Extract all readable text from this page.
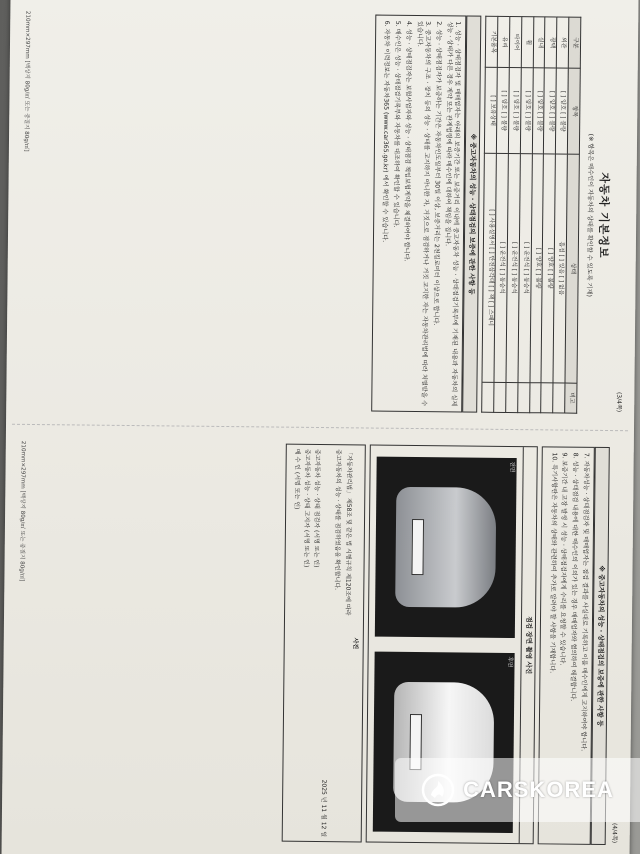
(3/4쪽)
자동차 기본정보
(※ 항목은 매수인이 자동차의 상태를 확인할 수 있도록 기재)
구분	항목	상태	비고
외관	[ ] 양호 [ ] 불량	흠집 [ ] 있음 [ ] 없음	
광택	[ ] 양호 [ ] 불량	[ ] 양호 [ ] 불량	
실내	[ ] 양호 [ ] 불량	[ ] 양호 [ ] 불량	
휠	[ ] 양호 [ ] 불량	[ ] 운전석 [ ] 동승석	
타이어	[ ] 양호 [ ] 불량	[ ] 운전석 [ ] 동승석	
유리	[ ] 양호 [ ] 불량	[ ] 운전석 [ ] 동승석	
기본품목	[ ] 보유상태	[ ] 사용설명서 [ ] 안전삼각대 [ ] 잭 [ ] 스패너	
※ 중고자동차의 성능 · 상태점검의 보증에 관한 사항 등

1. 성능 · 상태점검자 및 매매업자는 아래의 보증기간 또는 보증거리 이내에 중고자동차 성능 · 상태점검기록부에 기재된 내용과 자동차의 실제 성능 · 상태가 다른 경우 계약 또는 관계법령에 따라 매수인에 대하여 책임을 집니다.

2. 성능 · 상태점검자가 보증하는 기간은 자동차인도일부터 30일 이상, 보증거리는 2천킬로미터 이상으로 합니다.

3. 중고자동차의 구조 · 장치 등의 성능 · 상태를 고지하지 아니한 자, 거짓으로 점검하거나 거짓 고지한 자는 자동차관리법에 따라 처벌받을 수 있습니다.

4. 성능 · 상태점검자는 보험사업자와 성능 · 상태점검 책임보험계약을 체결하여야 합니다.

5. 매수인은 성능 · 상태점검기록부와 자동차를 대조하여 확인할 수 있습니다.

6. 자동차 이력정보는 자동차365 (www.car365.go.kr) 에서 확인할 수 있습니다.

210mm×297mm [백상지 80g/㎡ 또는 중질지 80g/㎡]
(4/4쪽)
※ 중고자동차의 성능 · 상태점검의 보증에 관한 사항 등

7. 자동차성능 · 상태점검자 및 매매업자는 점검 결과를 사실대로 기록하고 이를 매수인에게 고지하여야 합니다.

8. 성능 · 상태점검 내용에 대한 매수인의 이의가 있는 경우 매매업자와 협의하여 해결합니다.

9. 보증기간 내 고장 발생 시 성능 · 상태점검자에게 수리를 요청할 수 있습니다.

10. 특기사항란은 자동차의 상태와 관련하여 추가로 알려야 할 사항을 기재합니다.

점검 장면 촬영 사진
전면
후면
사진

「자동차관리법」 제58조 및 같은 법 시행규칙 제120조에 따라

중고자동차의 성능 · 상태를 점검하였음을 확인합니다.

2025 년 11 월 12 일

중고자동차 성능 · 상태 점검자 (서명 또는 인)
중고자동차 성능 · 상태 고지자 (서명 또는 인)
매 수 인 (서명 또는 인)
210mm×297mm [백상지 80g/㎡ 또는 중질지 80g/㎡]
CARSKOREA
